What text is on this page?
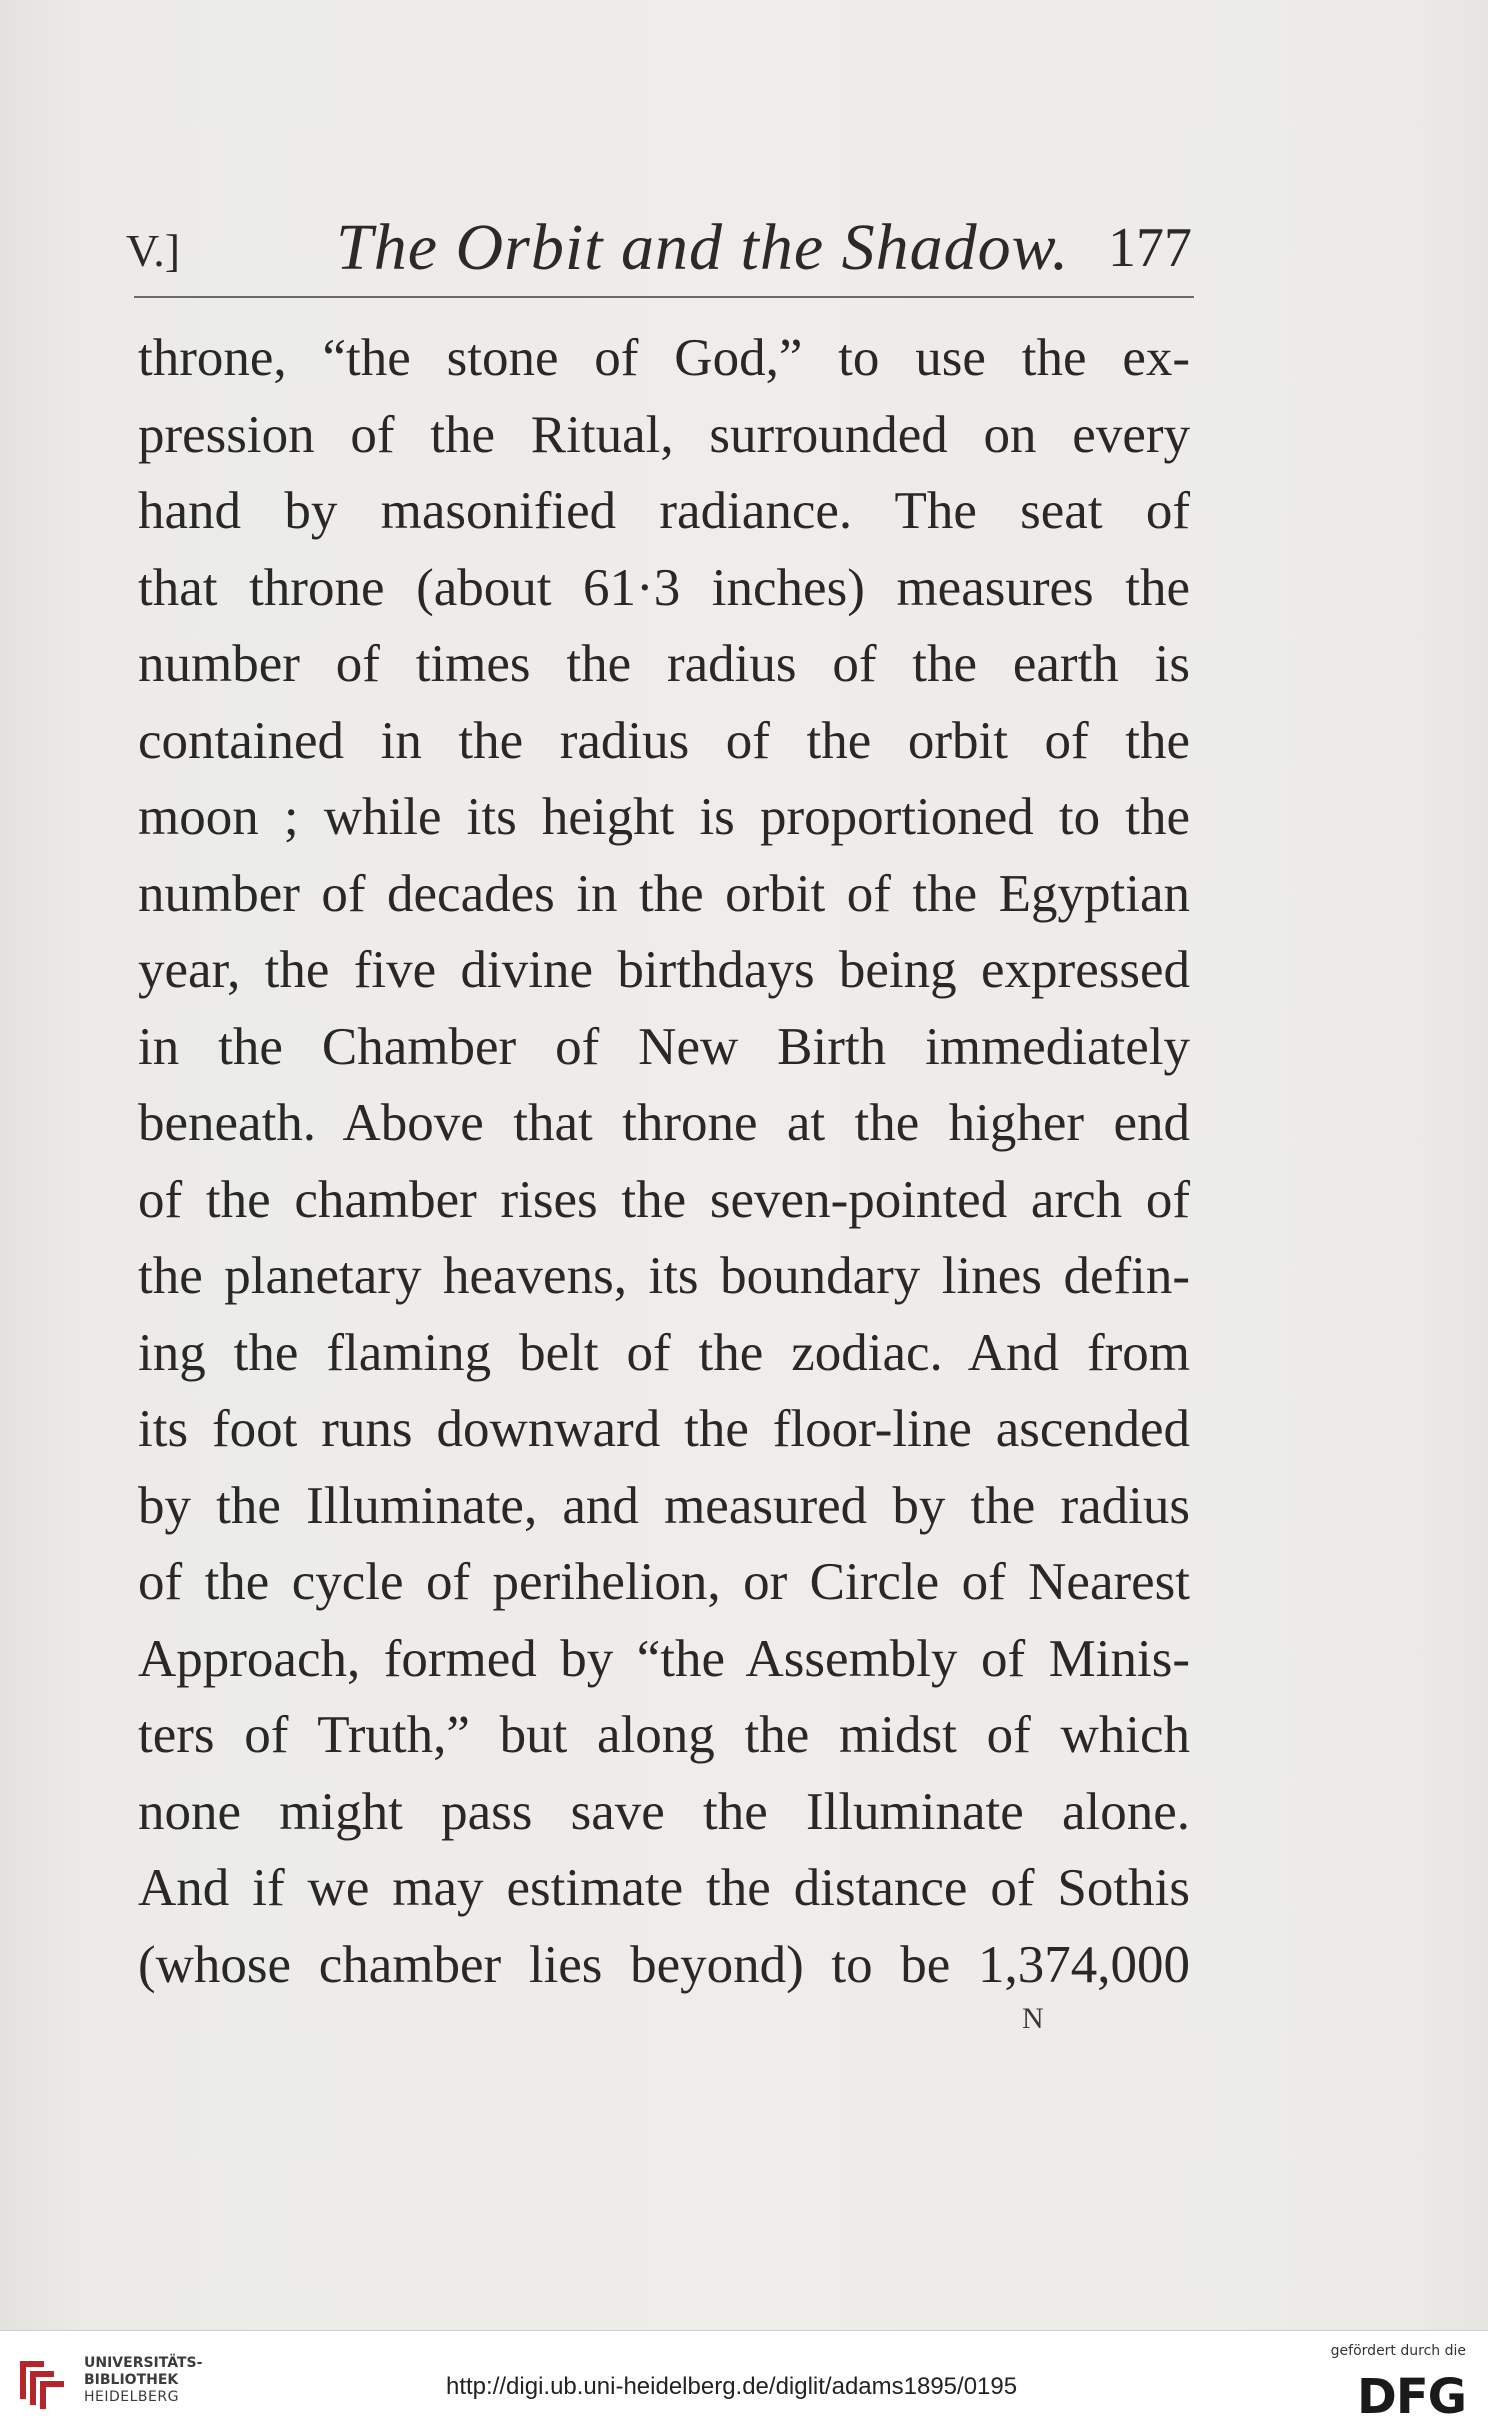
V.] The Orbit and the Shadow. 177
throne, “the stone of God,” to use the ex-
pression of the Ritual, surrounded on every
hand by masonified radiance. The seat of
that throne (about 61·3 inches) measures the
number of times the radius of the earth is
contained in the radius of the orbit of the
moon ; while its height is proportioned to the
number of decades in the orbit of the Egyptian
year, the five divine birthdays being expressed
in the Chamber of New Birth immediately
beneath. Above that throne at the higher end
of the chamber rises the seven-pointed arch of
the planetary heavens, its boundary lines defin-
ing the flaming belt of the zodiac. And from
its foot runs downward the floor-line ascended
by the Illuminate, and measured by the radius
of the cycle of perihelion, or Circle of Nearest
Approach, formed by “the Assembly of Minis-
ters of Truth,” but along the midst of which
none might pass save the Illuminate alone.
And if we may estimate the distance of Sothis
(whose chamber lies beyond) to be 1,374,000
N
UNIVERSITÄTS-
BIBLIOTHEK
HEIDELBERG	http://digi.ub.uni-heidelberg.de/diglit/adams1895/0195
gefördert durch die
DFG
